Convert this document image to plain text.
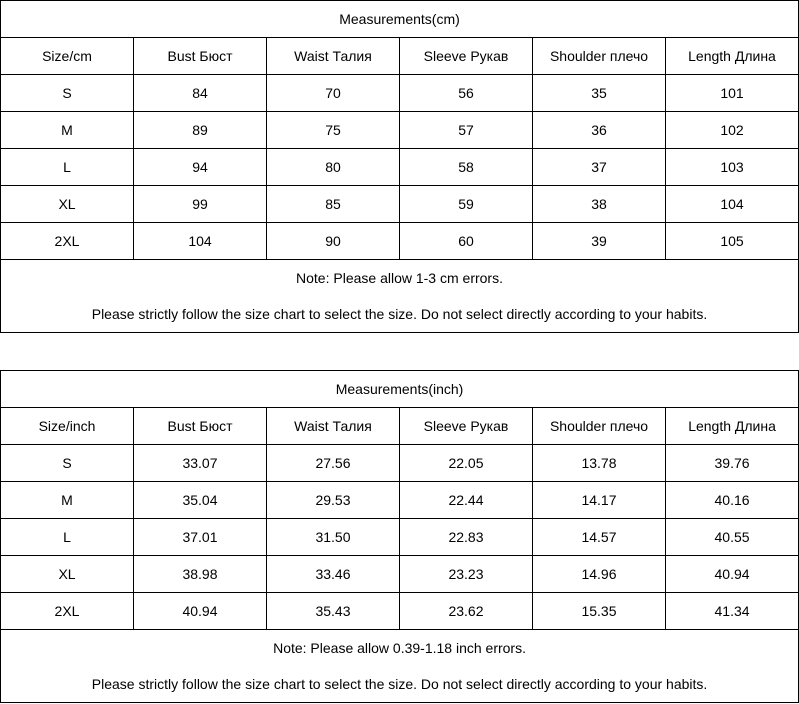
Measurements(cm)					
Size/cm	Bust Бюст	Waist Талия	Sleeve Рукав	Shoulder плечо	Length Длина
S	84	70	56	35	101
M	89	75	57	36	102
L	94	80	58	37	103
XL	99	85	59	38	104
2XL	104	90	60	39	105
Note: Please allow 1-3 cm errors.					
Please strictly follow the size chart to select the size. Do not select directly according to your habits.					
Measurements(inch)					
Size/inch	Bust Бюст	Waist Талия	Sleeve Рукав	Shoulder плечо	Length Длина
S	33.07	27.56	22.05	13.78	39.76
M	35.04	29.53	22.44	14.17	40.16
L	37.01	31.50	22.83	14.57	40.55
XL	38.98	33.46	23.23	14.96	40.94
2XL	40.94	35.43	23.62	15.35	41.34
Note: Please allow 0.39-1.18 inch errors.					
Please strictly follow the size chart to select the size. Do not select directly according to your habits.					
